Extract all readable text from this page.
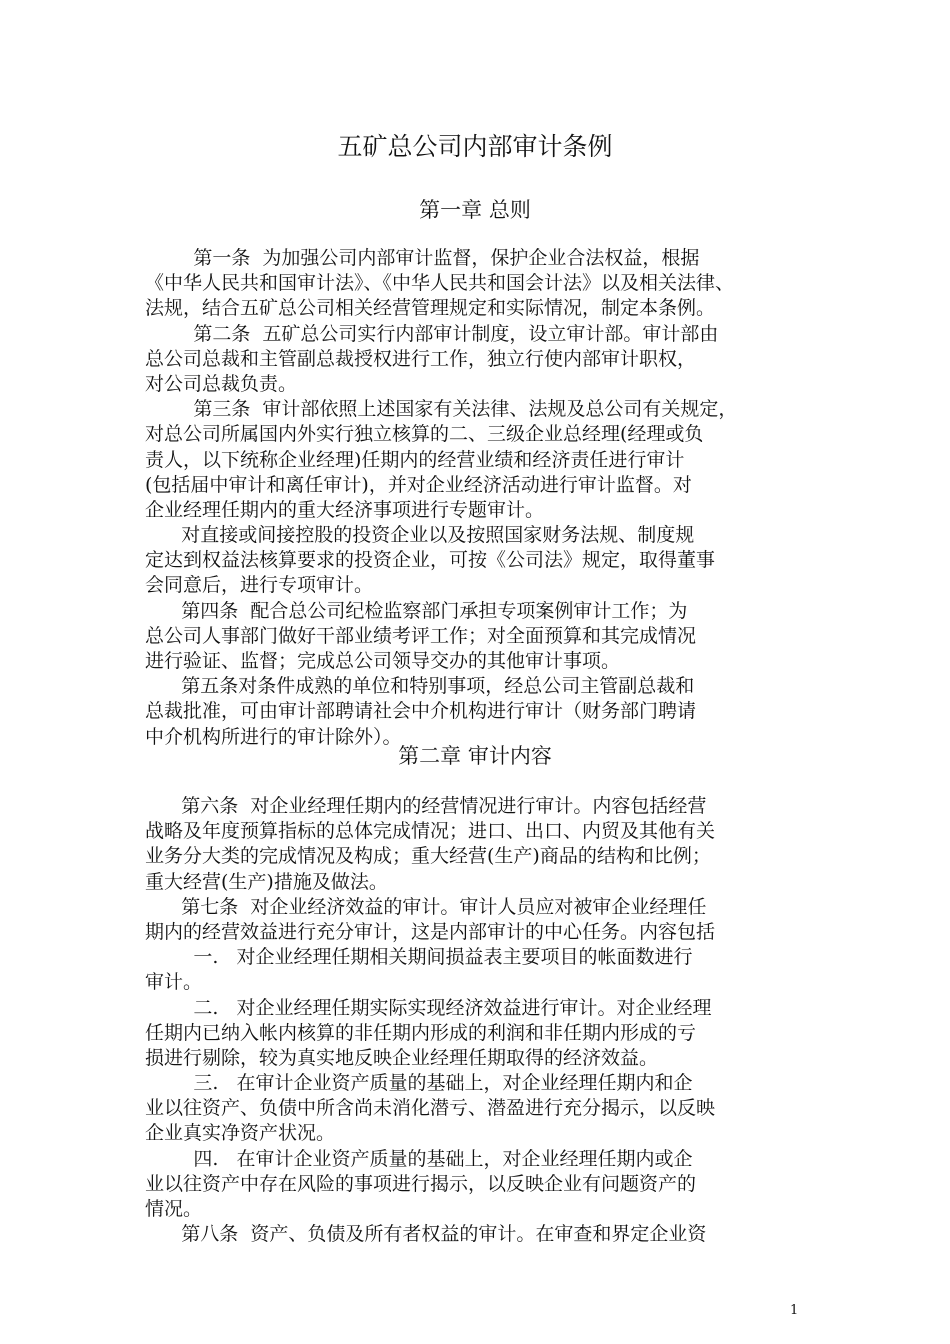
五矿总公司内部审计条例
第一章 总则
第一条  为加强公司内部审计监督，保护企业合法权益，根据
《中华人民共和国审计法》、《中华人民共和国会计法》以及相关法律、
法规，结合五矿总公司相关经营管理规定和实际情况，制定本条例。
第二条  五矿总公司实行内部审计制度，设立审计部。审计部由
总公司总裁和主管副总裁授权进行工作，独立行使内部审计职权，
对公司总裁负责。
第三条  审计部依照上述国家有关法律、法规及总公司有关规定，
对总公司所属国内外实行独立核算的二、三级企业总经理(经理或负
责人，以下统称企业经理)任期内的经营业绩和经济责任进行审计
(包括届中审计和离任审计)，并对企业经济活动进行审计监督。对
企业经理任期内的重大经济事项进行专题审计。
对直接或间接控股的投资企业以及按照国家财务法规、制度规
定达到权益法核算要求的投资企业，可按《公司法》规定，取得董事
会同意后，进行专项审计。
第四条  配合总公司纪检监察部门承担专项案例审计工作；为
总公司人事部门做好干部业绩考评工作；对全面预算和其完成情况
进行验证、监督；完成总公司领导交办的其他审计事项。
第五条对条件成熟的单位和特别事项，经总公司主管副总裁和
总裁批准，可由审计部聘请社会中介机构进行审计（财务部门聘请
中介机构所进行的审计除外）。
第二章 审计内容
第六条  对企业经理任期内的经营情况进行审计。内容包括经营
战略及年度预算指标的总体完成情况；进口、出口、内贸及其他有关
业务分大类的完成情况及构成；重大经营(生产)商品的结构和比例；
重大经营(生产)措施及做法。
第七条  对企业经济效益的审计。审计人员应对被审企业经理任
期内的经营效益进行充分审计，这是内部审计的中心任务。内容包括
一.   对企业经理任期相关期间损益表主要项目的帐面数进行
审计。
二.   对企业经理任期实际实现经济效益进行审计。对企业经理
任期内已纳入帐内核算的非任期内形成的利润和非任期内形成的亏
损进行剔除，较为真实地反映企业经理任期取得的经济效益。
三.   在审计企业资产质量的基础上，对企业经理任期内和企
业以往资产、负债中所含尚未消化潜亏、潜盈进行充分揭示，以反映
企业真实净资产状况。
四.   在审计企业资产质量的基础上，对企业经理任期内或企
业以往资产中存在风险的事项进行揭示，以反映企业有问题资产的
情况。
第八条  资产、负债及所有者权益的审计。在审查和界定企业资
1
